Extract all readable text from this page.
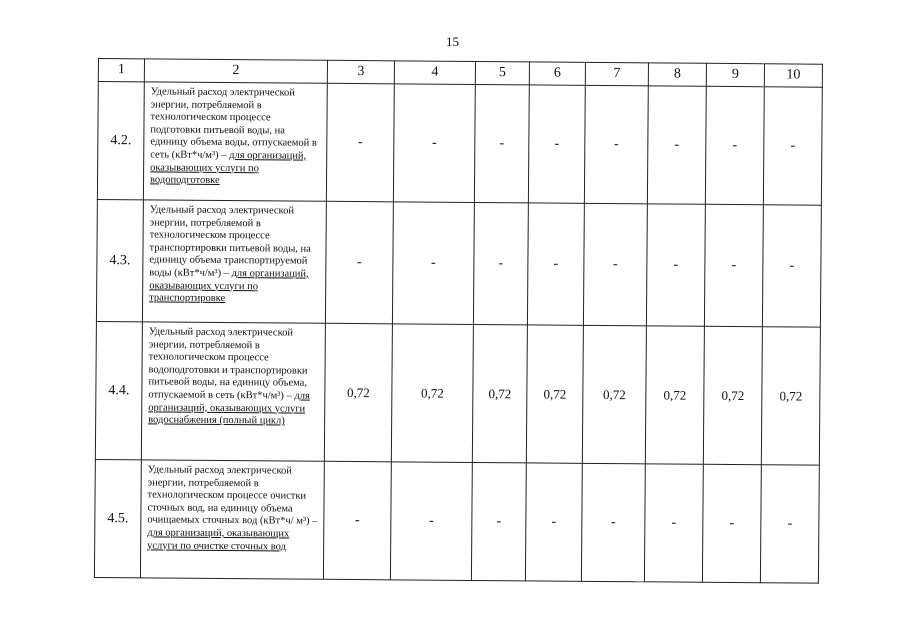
15
1	2	3	4	5	6	7	8	9	10
4.2.	Удельный расход электрической энергии, потребляемой в технологическом процессе подготовки питьевой воды, на единицу объема воды, отпускаемой в сеть (кВт*ч/м³) – для организаций, оказывающих услуги по водоподготовке	-	-	-	-	-	-	-	-
4.3.	Удельный расход электрической энергии, потребляемой в технологическом процессе транспортировки питьевой воды, на единицу объема транспортируемой воды (кВт*ч/м³) – для организаций, оказывающих услуги по транспортировке	-	-	-	-	-	-	-	-
4.4.	Удельный расход электрической энергии, потребляемой в технологическом процессе водоподготовки и транспортировки питьевой воды, на единицу объема, отпускаемой в сеть (кВт*ч/м³) – для организаций, оказывающих услуги водоснабжения (полный цикл)	0,72	0,72	0,72	0,72	0,72	0,72	0,72	0,72
4.5.	Удельный расход электрической энергии, потребляемой в технологическом процессе очистки сточных вод, на единицу объема очищаемых сточных вод (кВт*ч/ м³) – для организаций, оказывающих услуги по очистке сточных вод	-	-	-	-	-	-	-	-
